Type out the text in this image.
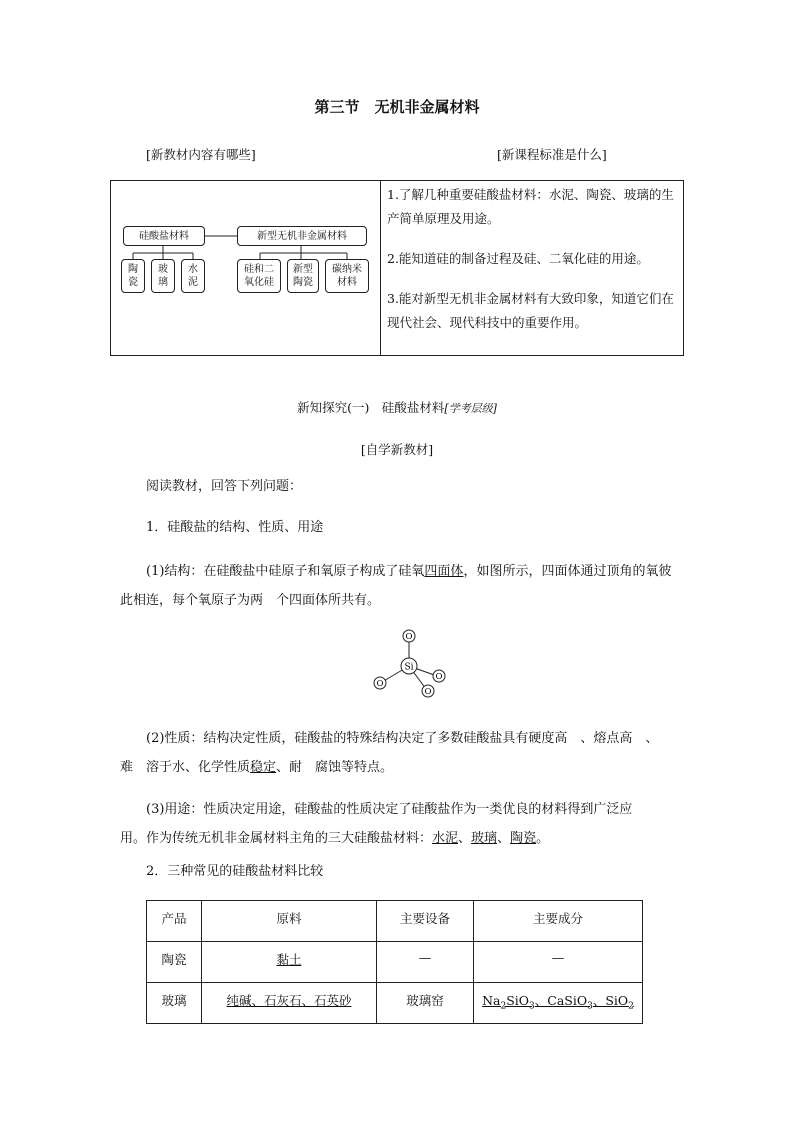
第三节　无机非金属材料
[新教材内容有哪些]	[新课程标准是什么]
硅酸盐材料	新型无机非金属材料
陶瓷
玻璃
水泥
硅和二氧化硅
新型陶瓷
碳纳米材料
1.了解几种重要硅酸盐材料：水泥、陶瓷、玻璃的生产简单原理及用途。
2.能知道硅的制备过程及硅、二氧化硅的用途。
3.能对新型无机非金属材料有大致印象，知道它们在现代社会、现代科技中的重要作用。
新知探究(一)　硅酸盐材料[学考层级]
[自学新教材]
阅读教材，回答下列问题：
1．硅酸盐的结构、性质、用途
(1)结构：在硅酸盐中硅原子和氧原子构成了硅氧四面体，如图所示，四面体通过顶角的氧彼此相连，每个氧原子为两　个四面体所共有。
Si
O
O
O
O
(2)性质：结构决定性质，硅酸盐的特殊结构决定了多数硅酸盐具有硬度高　、熔点高　、
难　溶于水、化学性质稳定、耐　腐蚀等特点。
(3)用途：性质决定用途，硅酸盐的性质决定了硅酸盐作为一类优良的材料得到广泛应
用。作为传统无机非金属材料主角的三大硅酸盐材料：水泥、玻璃、陶瓷。
2．三种常见的硅酸盐材料比较
产品	原料	主要设备	主要成分
陶瓷	黏土	—	—
玻璃	纯碱、石灰石、石英砂	玻璃窑	$Na_2SiO_3$、CaSiO$_3$、SiO$_2$
